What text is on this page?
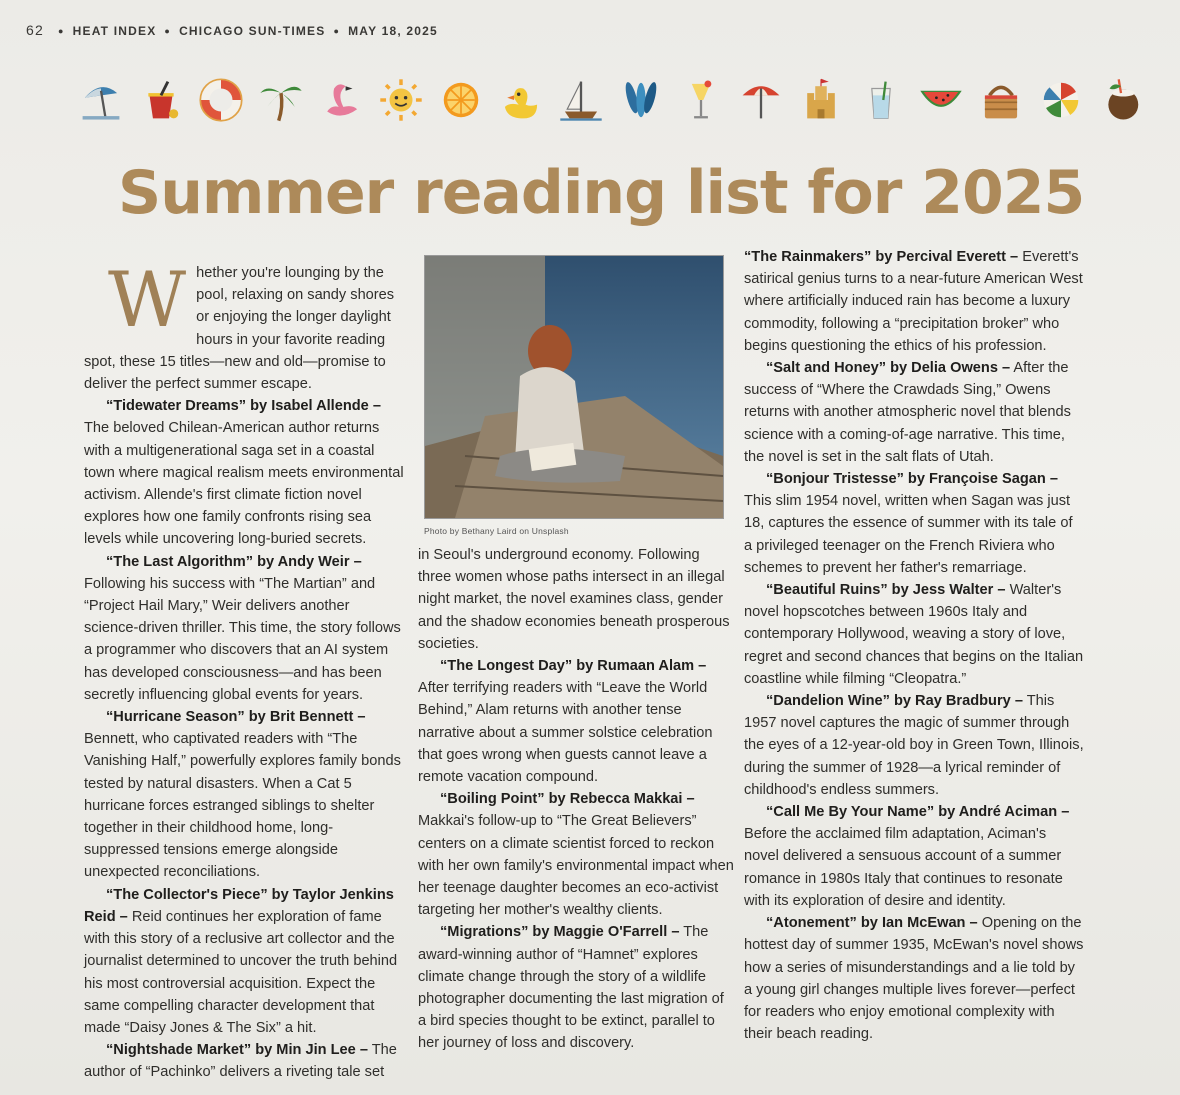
62 ● HEAT INDEX ● CHICAGO SUN-TIMES ● MAY 18, 2025
Summer reading list for 2025

Whether you're lounging by the pool, relaxing on sandy shores or enjoying the longer daylight hours in your favorite reading spot, these 15 titles—new and old—promise to deliver the perfect summer escape.

“Tidewater Dreams” by Isabel Allende – The beloved Chilean-American author returns with a multigenerational saga set in a coastal town where magical realism meets environmental activism. Allende's first climate fiction novel explores how one family confronts rising sea levels while uncovering long-buried secrets.

“The Last Algorithm” by Andy Weir – Following his success with “The Martian” and “Project Hail Mary,” Weir delivers another science-driven thriller. This time, the story follows a programmer who discovers that an AI system has developed consciousness—and has been secretly influencing global events for years.

“Hurricane Season” by Brit Bennett – Bennett, who captivated readers with “The Vanishing Half,” powerfully explores family bonds tested by natural disasters. When a Cat 5 hurricane forces estranged siblings to shelter together in their childhood home, long-suppressed tensions emerge alongside unexpected reconciliations.

“The Collector's Piece” by Taylor Jenkins Reid – Reid continues her exploration of fame with this story of a reclusive art collector and the journalist determined to uncover the truth behind his most controversial acquisition. Expect the same compelling character development that made “Daisy Jones & The Six” a hit.

“Nightshade Market” by Min Jin Lee – The author of “Pachinko” delivers a riveting tale set

Photo by Bethany Laird on Unsplash

in Seoul's underground economy. Following three women whose paths intersect in an illegal night market, the novel examines class, gender and the shadow economies beneath prosperous societies.

“The Longest Day” by Rumaan Alam – After terrifying readers with “Leave the World Behind,” Alam returns with another tense narrative about a summer solstice celebration that goes wrong when guests cannot leave a remote vacation compound.

“Boiling Point” by Rebecca Makkai – Makkai's follow-up to “The Great Believers” centers on a climate scientist forced to reckon with her own family's environmental impact when her teenage daughter becomes an eco-activist targeting her mother's wealthy clients.

“Migrations” by Maggie O'Farrell – The award-winning author of “Hamnet” explores climate change through the story of a wildlife photographer documenting the last migration of a bird species thought to be extinct, parallel to her journey of loss and discovery.

“The Rainmakers” by Percival Everett – Everett's satirical genius turns to a near-future American West where artificially induced rain has become a luxury commodity, following a “precipitation broker” who begins questioning the ethics of his profession.

“Salt and Honey” by Delia Owens – After the success of “Where the Crawdads Sing,” Owens returns with another atmospheric novel that blends science with a coming-of-age narrative. This time, the novel is set in the salt flats of Utah.

“Bonjour Tristesse” by Françoise Sagan – This slim 1954 novel, written when Sagan was just 18, captures the essence of summer with its tale of a privileged teenager on the French Riviera who schemes to prevent her father's remarriage.

“Beautiful Ruins” by Jess Walter – Walter's novel hopscotches between 1960s Italy and contemporary Hollywood, weaving a story of love, regret and second chances that begins on the Italian coastline while filming “Cleopatra.”

“Dandelion Wine” by Ray Bradbury – This 1957 novel captures the magic of summer through the eyes of a 12-year-old boy in Green Town, Illinois, during the summer of 1928—a lyrical reminder of childhood's endless summers.

“Call Me By Your Name” by André Aciman – Before the acclaimed film adaptation, Aciman's novel delivered a sensuous account of a summer romance in 1980s Italy that continues to resonate with its exploration of desire and identity.

“Atonement” by Ian McEwan – Opening on the hottest day of summer 1935, McEwan's novel shows how a series of misunderstandings and a lie told by a young girl changes multiple lives forever—perfect for readers who enjoy emotional complexity with their beach reading.
